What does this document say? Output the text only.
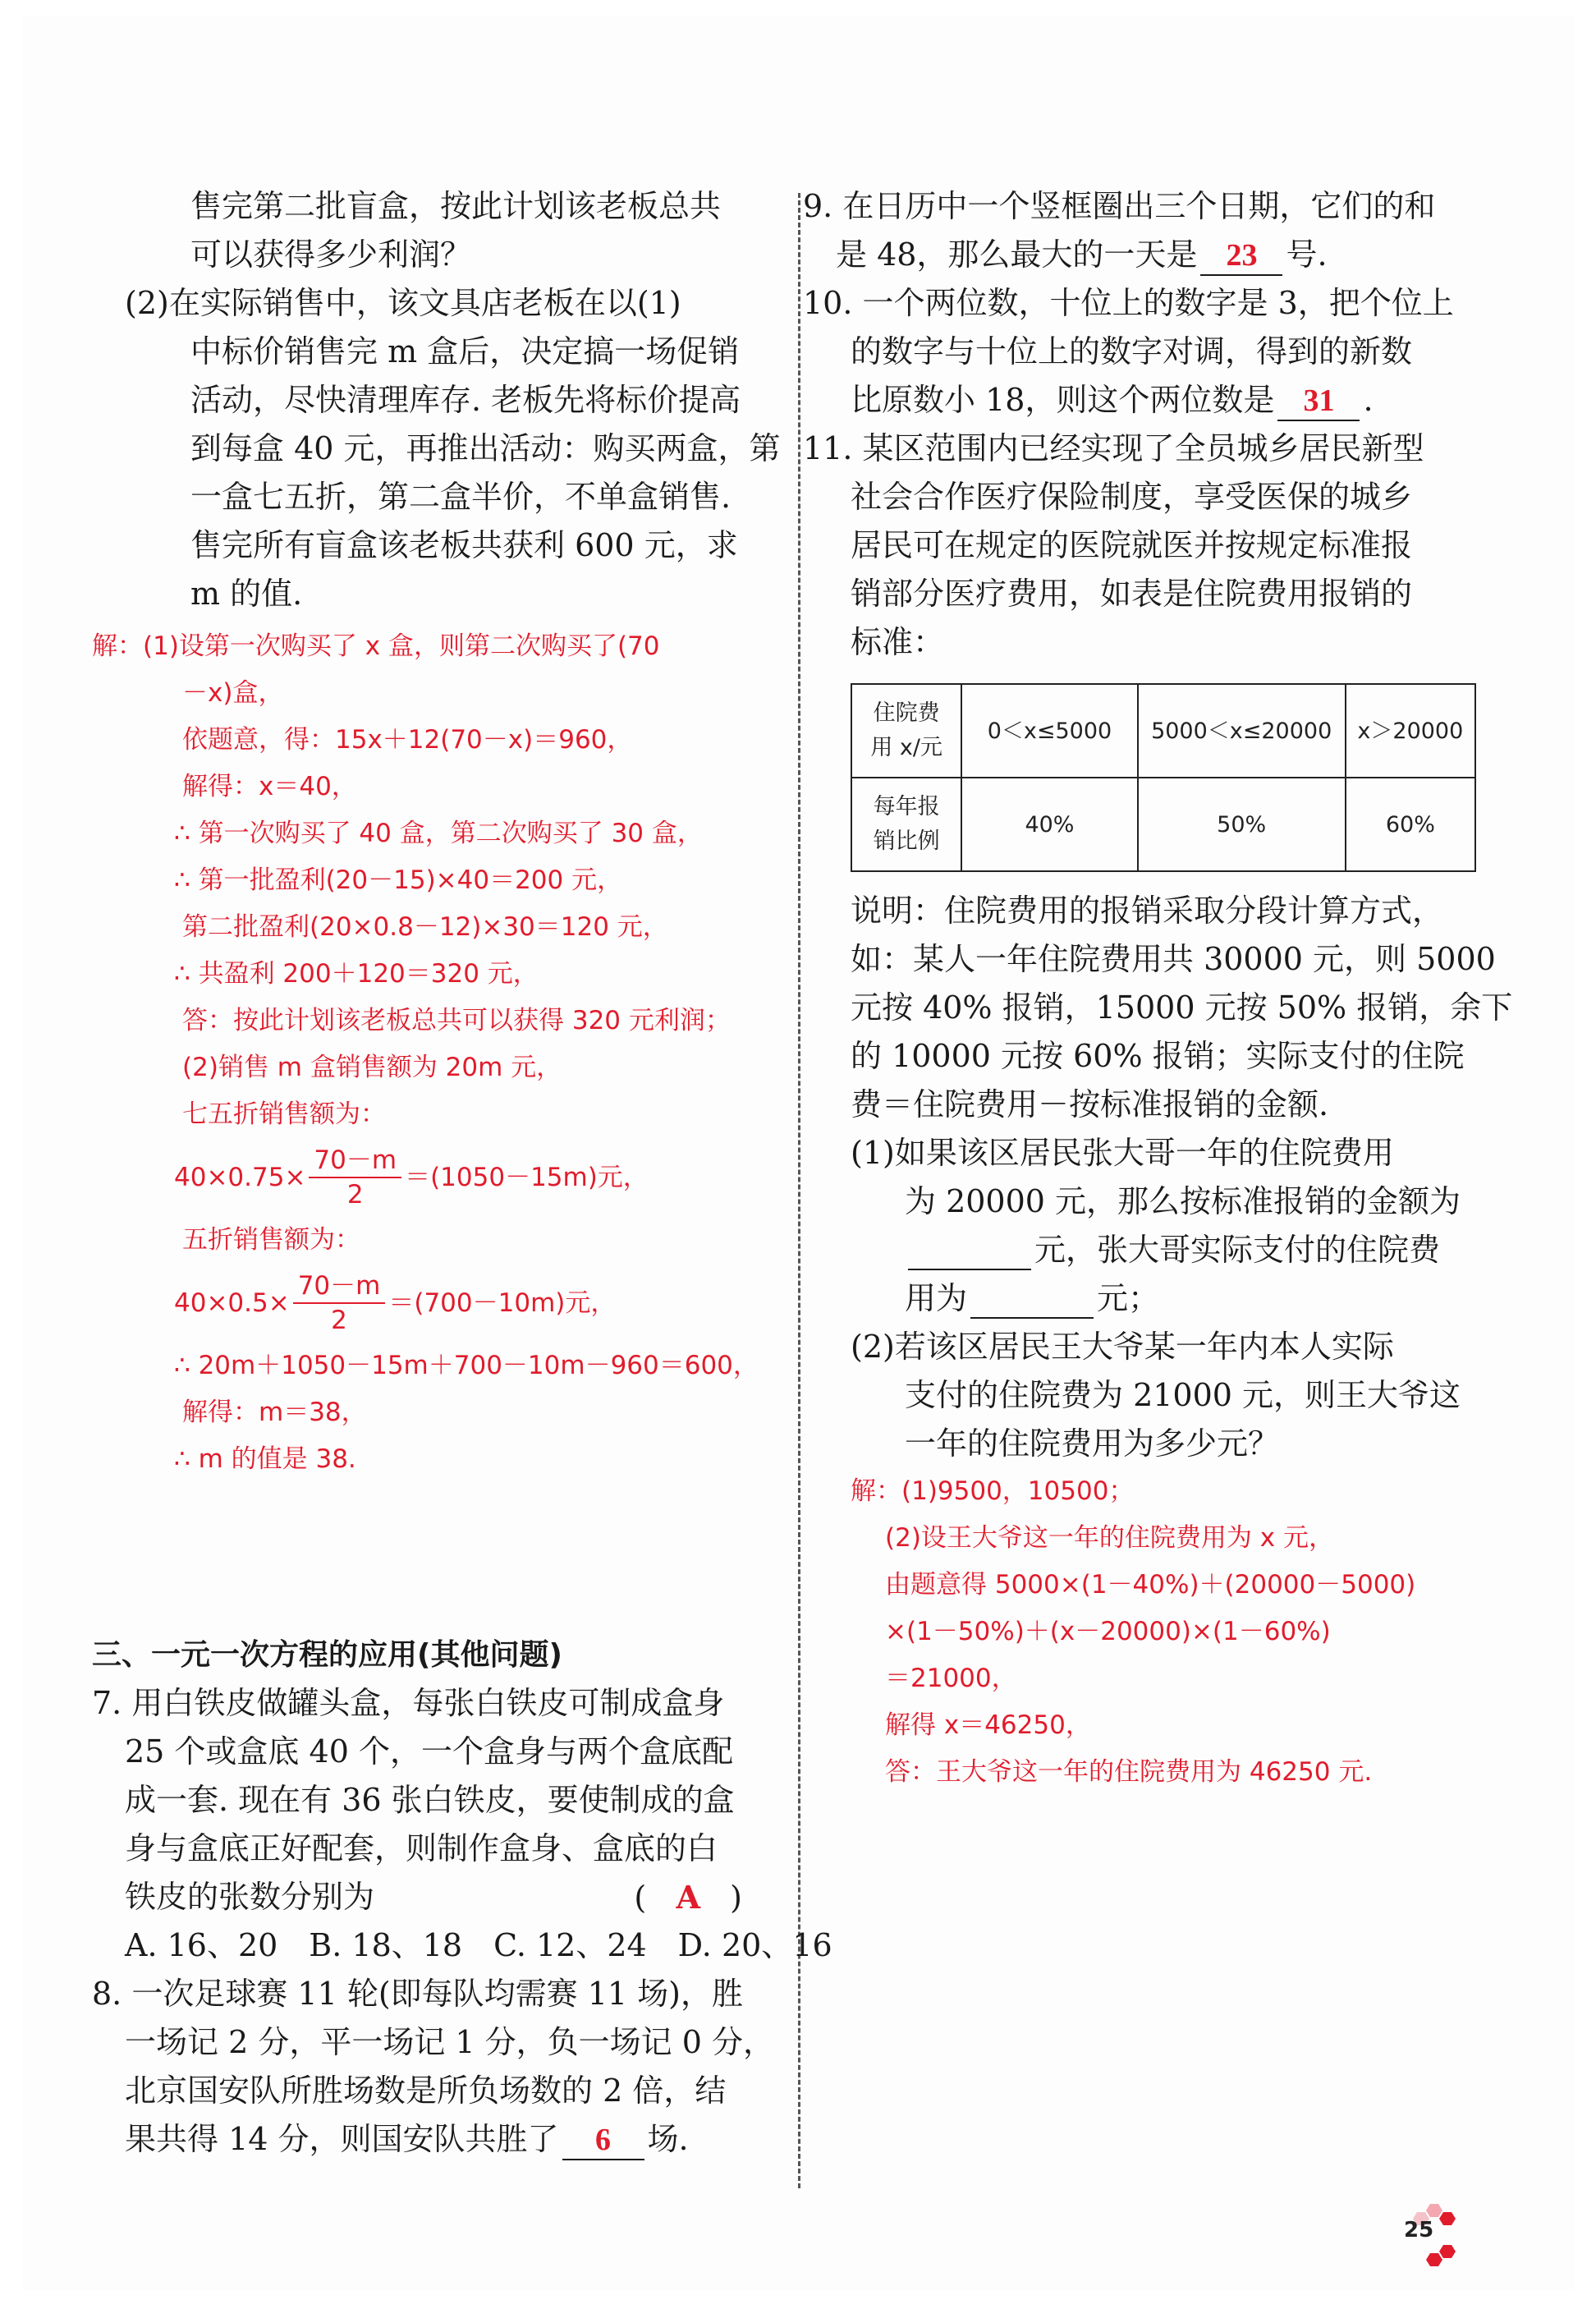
售完第二批盲盒，按此计划该老板总共
可以获得多少利润？
(2)在实际销售中，该文具店老板在以(1)
中标价销售完 m 盒后，决定搞一场促销
活动，尽快清理库存. 老板先将标价提高
到每盒 40 元，再推出活动：购买两盒，第
一盒七五折，第二盒半价，不单盒销售.
售完所有盲盒该老板共获利 600 元，求
m 的值.
解：(1)设第一次购买了 x 盒，则第二次购买了(70
－x)盒，
依题意，得：15x＋12(70－x)＝960，
解得：x＝40，
∴ 第一次购买了 40 盒，第二次购买了 30 盒，
∴ 第一批盈利(20－15)×40＝200 元，
第二批盈利(20×0.8－12)×30＝120 元，
∴ 共盈利 200＋120＝320 元，
答：按此计划该老板总共可以获得 320 元利润；
(2)销售 m 盒销售额为 20m 元，
七五折销售额为：
$40\times 0.75\times \frac{70-m}{2} =(1050-15m)$元，
五折销售额为：
$40\times 0.5\times \frac{70-m}{2} =(700-10m)$元，
∴ 20m＋1050－15m＋700－10m－960＝600，
解得：m＝38，
∴ m 的值是 38.
三、一元一次方程的应用(其他问题)
7. 用白铁皮做罐头盒，每张白铁皮可制成盒身
25 个或盒底 40 个，一个盒身与两个盒底配
成一套. 现在有 36 张白铁皮，要使制成的盒
身与盒底正好配套，则制作盒身、盒底的白
铁皮的张数分别为	( A )
A. 16、20　B. 18、18　C. 12、24　D. 20、16
8. 一次足球赛 11 轮(即每队均需赛 11 场)，胜
一场记 2 分，平一场记 1 分，负一场记 0 分，
北京国安队所胜场数是所负场数的 2 倍，结
果共得 14 分，则国安队共胜了 6 场.
9. 在日历中一个竖框圈出三个日期，它们的和
是 48，那么最大的一天是 23 号.
10. 一个两位数，十位上的数字是 3，把个位上
的数字与十位上的数字对调，得到的新数
比原数小 18，则这个两位数是 31 .
11. 某区范围内已经实现了全员城乡居民新型
社会合作医疗保险制度，享受医保的城乡
居民可在规定的医院就医并按规定标准报
销部分医疗费用，如表是住院费用报销的
标准：
住院费
用 x/元	0＜x≤5000	5000＜x≤20000	x＞20000

每年报
销比例	40%	50%	60%
说明：住院费用的报销采取分段计算方式，
如：某人一年住院费用共 30000 元，则 5000
元按 40% 报销，15000 元按 50% 报销，余下
的 10000 元按 60% 报销；实际支付的住院
费＝住院费用－按标准报销的金额.
(1)如果该区居民张大哥一年的住院费用
为 20000 元，那么按标准报销的金额为
元，张大哥实际支付的住院费
用为	元；
(2)若该区居民王大爷某一年内本人实际
支付的住院费为 21000 元，则王大爷这
一年的住院费用为多少元？
解：(1)9500，10500；
(2)设王大爷这一年的住院费用为 x 元，
由题意得 5000×(1－40%)＋(20000－5000)
×(1－50%)＋(x－20000)×(1－60%)
＝21000，
解得 x＝46250，
答：王大爷这一年的住院费用为 46250 元.
25
